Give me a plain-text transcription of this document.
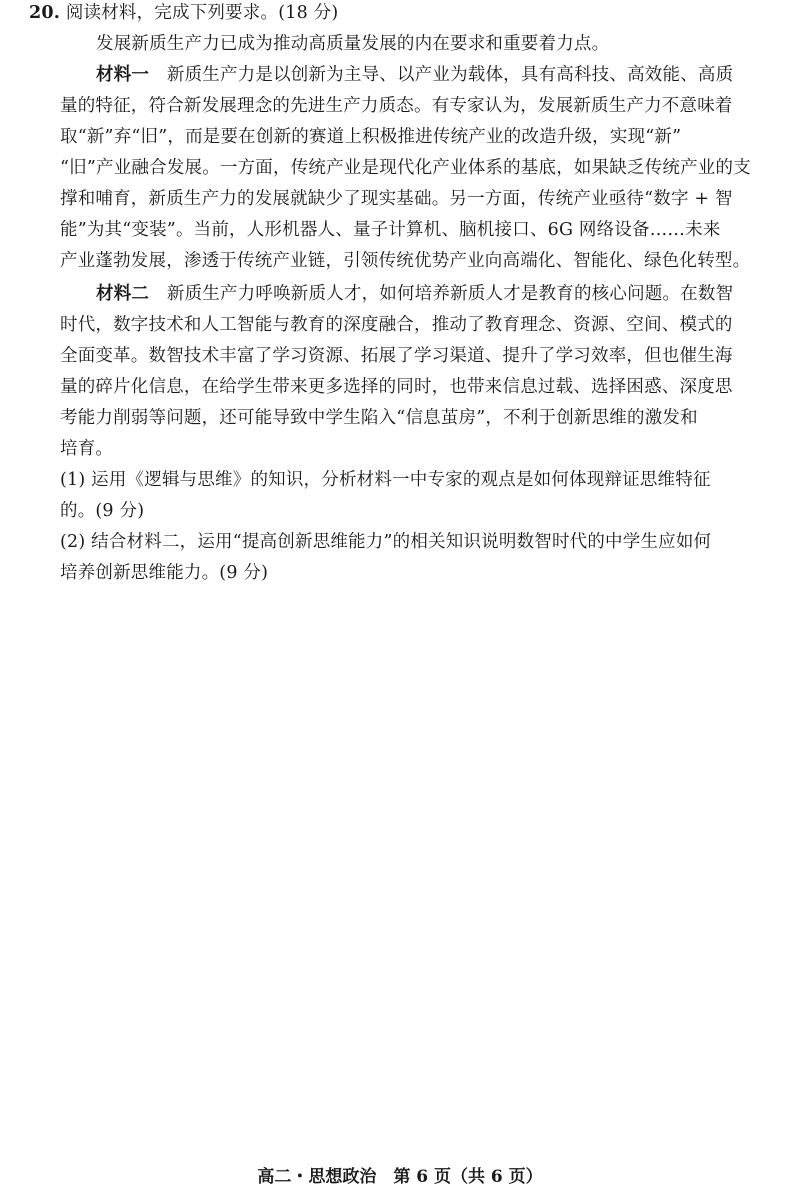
20. 阅读材料，完成下列要求。(18 分)
发展新质生产力已成为推动高质量发展的内在要求和重要着力点。
材料一 新质生产力是以创新为主导、以产业为载体，具有高科技、高效能、高质
量的特征，符合新发展理念的先进生产力质态。有专家认为，发展新质生产力不意味着
取“新”弃“旧”，而是要在创新的赛道上积极推进传统产业的改造升级，实现“新”
“旧”产业融合发展。一方面，传统产业是现代化产业体系的基底，如果缺乏传统产业的支
撑和哺育，新质生产力的发展就缺少了现实基础。另一方面，传统产业亟待“数字 + 智
能”为其“变装”。当前，人形机器人、量子计算机、脑机接口、6G 网络设备……未来
产业蓬勃发展，渗透于传统产业链，引领传统优势产业向高端化、智能化、绿色化转型。
材料二 新质生产力呼唤新质人才，如何培养新质人才是教育的核心问题。在数智
时代，数字技术和人工智能与教育的深度融合，推动了教育理念、资源、空间、模式的
全面变革。数智技术丰富了学习资源、拓展了学习渠道、提升了学习效率，但也催生海
量的碎片化信息，在给学生带来更多选择的同时，也带来信息过载、选择困惑、深度思
考能力削弱等问题，还可能导致中学生陷入“信息茧房”，不利于创新思维的激发和
培育。
(1) 运用《逻辑与思维》的知识，分析材料一中专家的观点是如何体现辩证思维特征
的。(9 分)
(2) 结合材料二，运用“提高创新思维能力”的相关知识说明数智时代的中学生应如何
培养创新思维能力。(9 分)
高二・思想政治　第 6 页（共 6 页）
